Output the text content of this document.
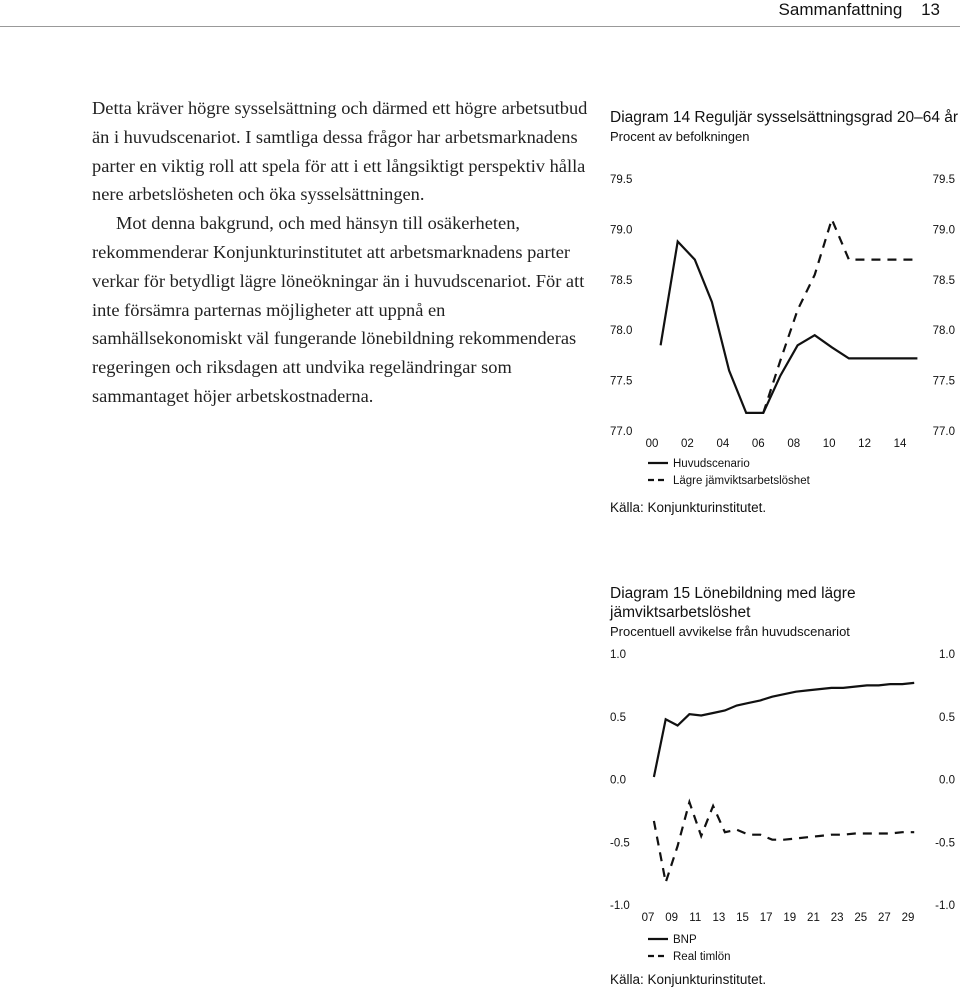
Sammanfattning 13

Detta kräver högre sysselsättning och därmed ett högre arbetsutbud än i huvudscenariot. I samtliga dessa frågor har arbetsmarknadens parter en viktig roll att spela för att i ett långsiktigt perspektiv hålla nere arbetslösheten och öka sysselsättningen.

Mot denna bakgrund, och med hänsyn till osäkerheten, rekommenderar Konjunkturinstitutet att arbetsmarknadens parter verkar för betydligt lägre löneökningar än i huvudscenariot. För att inte försämra parternas möjligheter att uppnå en samhällsekonomiskt väl fungerande lönebildning rekommenderas regeringen och riksdagen att undvika regeländringar som sammantaget höjer arbetskostnaderna.

Diagram 14 Reguljär sysselsättningsgrad 20–64 år

Procent av befolkningen

79.5	79.5
79.0	79.0
78.5	78.5
78.0	78.0
77.5	77.5
77.0	77.0
00 02 04 06 08 10 12 14
Huvudscenario
Lägre jämviktsarbetslöshet
Källa: Konjunkturinstitutet.

Diagram 15 Lönebildning med lägre jämviktsarbetslöshet

Procentuell avvikelse från huvudscenariot

1.0	1.0
0.5	0.5
0.0	0.0
-0.5	-0.5
-1.0	-1.0
07 09 11 13 15 17 19 21 23 25 27 29
BNP
Real timlön
Källa: Konjunkturinstitutet.
